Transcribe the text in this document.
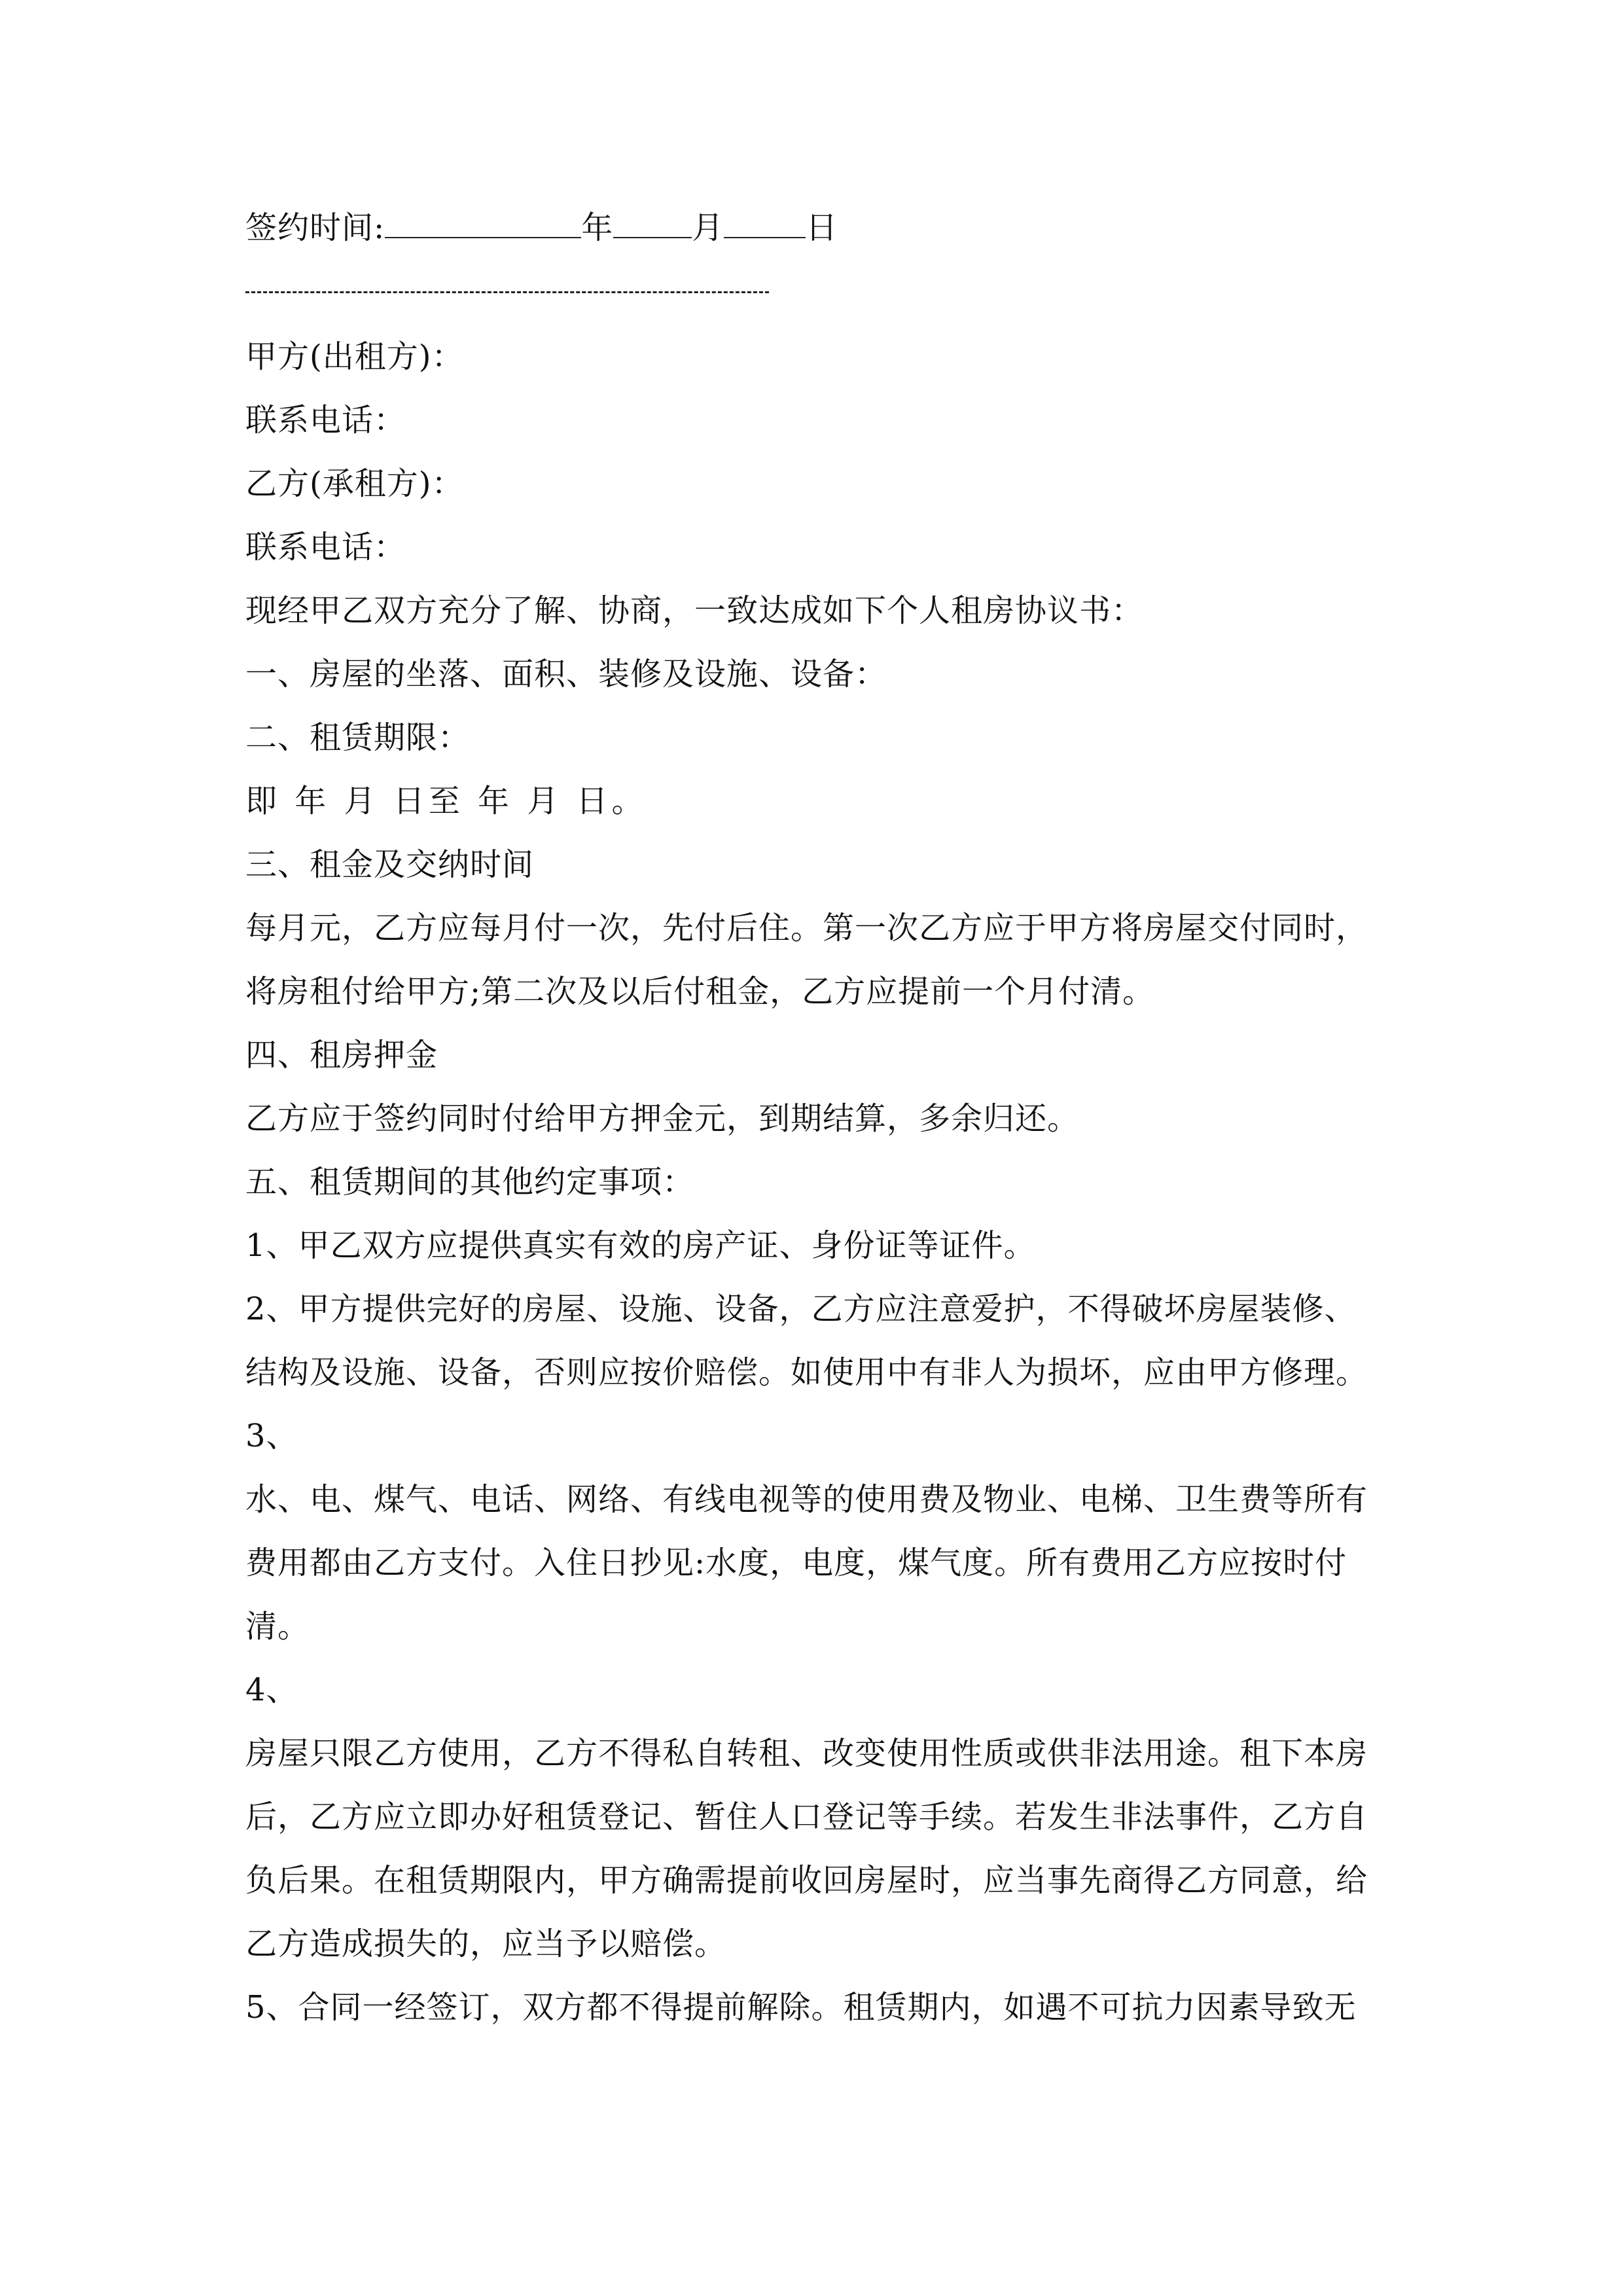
签约时间:	年	月	日
甲方(出租方)：
联系电话：
乙方(承租方)：
联系电话：
现经甲乙双方充分了解、协商，一致达成如下个人租房协议书：
一、房屋的坐落、面积、装修及设施、设备：
二、租赁期限：
即 年 月 日至 年 月 日。
三、租金及交纳时间
每月元，乙方应每月付一次，先付后住。第一次乙方应于甲方将房屋交付同时，
将房租付给甲方;第二次及以后付租金，乙方应提前一个月付清。
四、租房押金
乙方应于签约同时付给甲方押金元，到期结算，多余归还。
五、租赁期间的其他约定事项：
1、甲乙双方应提供真实有效的房产证、身份证等证件。
2、甲方提供完好的房屋、设施、设备，乙方应注意爱护，不得破坏房屋装修、
结构及设施、设备，否则应按价赔偿。如使用中有非人为损坏，应由甲方修理。
3、
水、电、煤气、电话、网络、有线电视等的使用费及物业、电梯、卫生费等所有
费用都由乙方支付。入住日抄见:水度，电度，煤气度。所有费用乙方应按时付
清。
4、
房屋只限乙方使用，乙方不得私自转租、改变使用性质或供非法用途。租下本房
后，乙方应立即办好租赁登记、暂住人口登记等手续。若发生非法事件，乙方自
负后果。在租赁期限内，甲方确需提前收回房屋时，应当事先商得乙方同意，给
乙方造成损失的，应当予以赔偿。
5、合同一经签订，双方都不得提前解除。租赁期内，如遇不可抗力因素导致无
